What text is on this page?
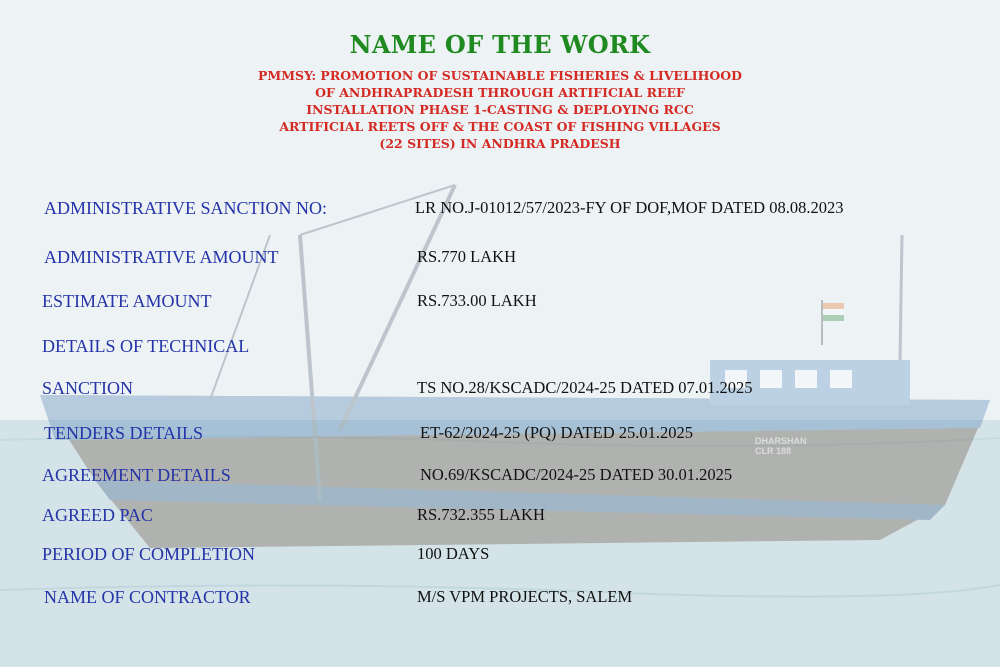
NAME OF THE WORK
PMMSY: PROMOTION OF SUSTAINABLE FISHERIES & LIVELIHOOD
OF ANDHRAPRADESH THROUGH ARTIFICIAL REEF
INSTALLATION PHASE 1-CASTING & DEPLOYING RCC
ARTIFICIAL REETS OFF & THE COAST OF FISHING VILLAGES
(22 SITES) IN ANDHRA PRADESH
ADMINISTRATIVE SANCTION NO:	LR NO.J-01012/57/2023-FY OF DOF,MOF DATED 08.08.2023
ADMINISTRATIVE AMOUNT	RS.770 LAKH
ESTIMATE AMOUNT	RS.733.00 LAKH
DETAILS OF TECHNICAL
SANCTION	TS NO.28/KSCADC/2024-25 DATED 07.01.2025
TENDERS DETAILS	ET-62/2024-25 (PQ) DATED 25.01.2025
AGREEMENT DETAILS	NO.69/KSCADC/2024-25 DATED 30.01.2025
AGREED PAC	RS.732.355 LAKH
PERIOD OF COMPLETION	100 DAYS
NAME OF CONTRACTOR	M/S VPM PROJECTS, SALEM
DHARSHAN
CLR 188
